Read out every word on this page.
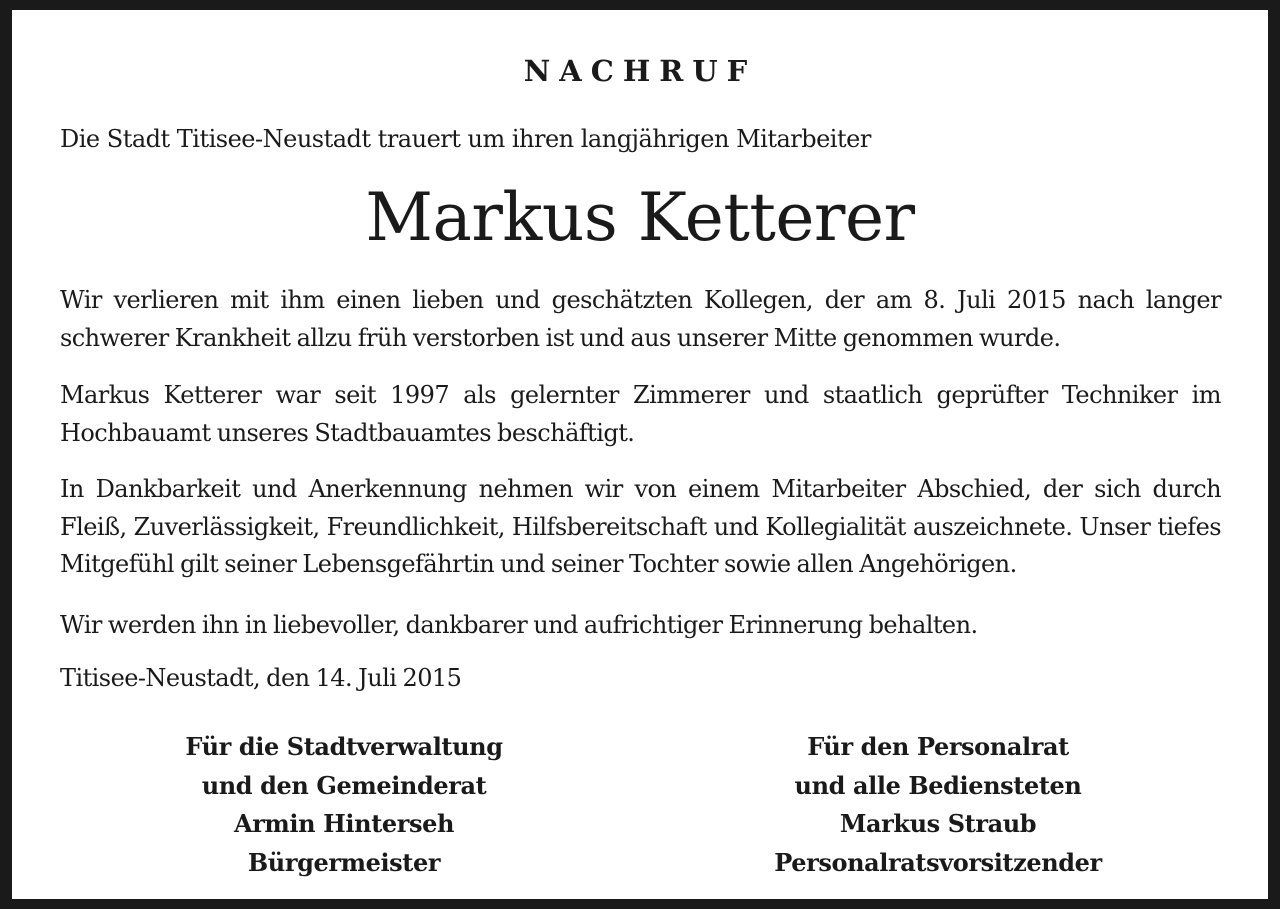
NACHRUF
Die Stadt Titisee-Neustadt trauert um ihren langjährigen Mitarbeiter
Markus Ketterer

Wir verlieren mit ihm einen lieben und geschätzten Kollegen, der am 8. Juli 2015 nach langer schwerer Krankheit allzu früh verstorben ist und aus unserer Mitte genommen wurde.

Markus Ketterer war seit 1997 als gelernter Zimmerer und staatlich geprüfter Techniker im Hochbauamt unseres Stadtbauamtes beschäftigt.

In Dankbarkeit und Anerkennung nehmen wir von einem Mitarbeiter Abschied, der sich durch Fleiß, Zuverlässigkeit, Freundlichkeit, Hilfsbereitschaft und Kollegialität auszeichnete. Unser tiefes Mitgefühl gilt seiner Lebensgefährtin und seiner Tochter sowie allen Angehörigen.

Wir werden ihn in liebevoller, dankbarer und aufrichtiger Erinnerung behalten.

Titisee-Neustadt, den 14. Juli 2015

Für die Stadtverwaltung
und den Gemeinderat
Armin Hinterseh
Bürgermeister
Für den Personalrat
und alle Bediensteten
Markus Straub
Personalratsvorsitzender
